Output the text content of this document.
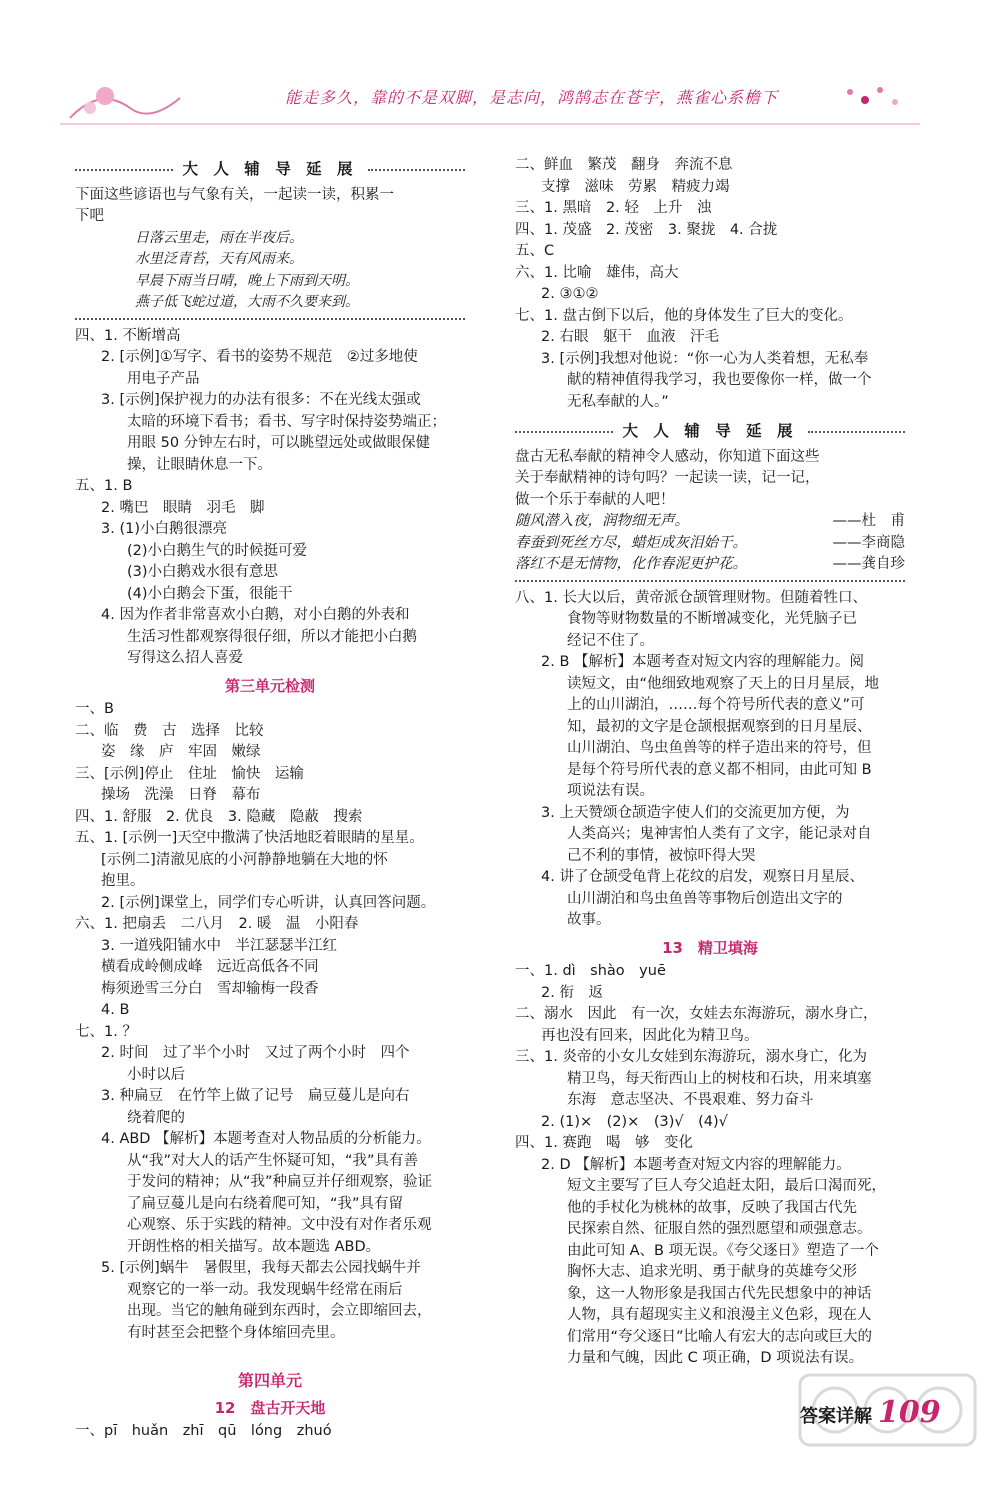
能走多久，靠的不是双脚，是志向，鸿鹄志在苍宇，燕雀心系檐下
大 人 辅 导 延 展
下面这些谚语也与气象有关，一起读一读，积累一
下吧
日落云里走，雨在半夜后。
水里泛青苔，天有风雨来。
早晨下雨当日晴，晚上下雨到天明。
燕子低飞蛇过道，大雨不久要来到。
四、1. 不断增高
2. [示例]①写字、看书的姿势不规范　②过多地使
用电子产品
3. [示例]保护视力的办法有很多：不在光线太强或
太暗的环境下看书；看书、写字时保持姿势端正；
用眼 50 分钟左右时，可以眺望远处或做眼保健
操，让眼睛休息一下。
五、1. B
2. 嘴巴　眼睛　羽毛　脚
3. (1)小白鹅很漂亮
(2)小白鹅生气的时候挺可爱
(3)小白鹅戏水很有意思
(4)小白鹅会下蛋，很能干
4. 因为作者非常喜欢小白鹅，对小白鹅的外表和
生活习性都观察得很仔细，所以才能把小白鹅
写得这么招人喜爱
第三单元检测
一、B
二、临　费　古　选择　比较
姿　缘　庐　牢固　嫩绿
三、[示例]停止　住址　愉快　运输
操场　洗澡　日脊　幕布
四、1. 舒服　2. 优良　3. 隐藏　隐蔽　搜索
五、1. [示例一]天空中撒满了快活地眨着眼睛的星星。
[示例二]清澈见底的小河静静地躺在大地的怀
抱里。
2. [示例]课堂上，同学们专心听讲，认真回答问题。
六、1. 把扇丢　二八月　2. 暖　温　小阳春
3. 一道残阳铺水中　半江瑟瑟半江红
横看成岭侧成峰　远近高低各不同
梅须逊雪三分白　雪却输梅一段香
4. B
七、1. ？
2. 时间　过了半个小时　又过了两个小时　四个
小时以后
3. 种扁豆　在竹竿上做了记号　扁豆蔓儿是向右
绕着爬的
4. ABD 【解析】本题考查对人物品质的分析能力。
从“我”对大人的话产生怀疑可知，“我”具有善
于发问的精神；从“我”种扁豆并仔细观察，验证
了扁豆蔓儿是向右绕着爬可知，“我”具有留
心观察、乐于实践的精神。文中没有对作者乐观
开朗性格的相关描写。故本题选 ABD。
5. [示例]蜗牛　暑假里，我每天都去公园找蜗牛并
观察它的一举一动。我发现蜗牛经常在雨后
出现。当它的触角碰到东西时，会立即缩回去，
有时甚至会把整个身体缩回壳里。
第四单元
12　盘古开天地
一、pī　huǎn　zhī　qū　lóng　zhuó
二、鲜血　繁茂　翻身　奔流不息
支撑　滋味　劳累　精疲力竭
三、1. 黑暗　2. 轻　上升　浊
四、1. 茂盛　2. 茂密　3. 聚拢　4. 合拢
五、C
六、1. 比喻　雄伟，高大
2. ③①②
七、1. 盘古倒下以后，他的身体发生了巨大的变化。
2. 右眼　躯干　血液　汗毛
3. [示例]我想对他说：“你一心为人类着想，无私奉
献的精神值得我学习，我也要像你一样，做一个
无私奉献的人。”
大 人 辅 导 延 展
盘古无私奉献的精神令人感动，你知道下面这些
关于奉献精神的诗句吗？一起读一读，记一记，
做一个乐于奉献的人吧！
随风潜入夜，润物细无声。	——杜　甫
春蚕到死丝方尽，蜡炬成灰泪始干。	——李商隐
落红不是无情物，化作春泥更护花。	——龚自珍
八、1. 长大以后，黄帝派仓颉管理财物。但随着牲口、
食物等财物数量的不断增减变化，光凭脑子已
经记不住了。
2. B 【解析】本题考查对短文内容的理解能力。阅
读短文，由“他细致地观察了天上的日月星辰，地
上的山川湖泊，……每个符号所代表的意义”可
知，最初的文字是仓颉根据观察到的日月星辰、
山川湖泊、鸟虫鱼兽等的样子造出来的符号，但
是每个符号所代表的意义都不相同，由此可知 B
项说法有误。
3. 上天赞颂仓颉造字使人们的交流更加方便，为
人类高兴；鬼神害怕人类有了文字，能记录对自
己不利的事情，被惊吓得大哭
4. 讲了仓颉受龟背上花纹的启发，观察日月星辰、
山川湖泊和鸟虫鱼兽等事物后创造出文字的
故事。
13　精卫填海
一、1. dì　shào　yuē
2. 衔　返
二、溺水　因此　有一次，女娃去东海游玩，溺水身亡，
再也没有回来，因此化为精卫鸟。
三、1. 炎帝的小女儿女娃到东海游玩，溺水身亡，化为
精卫鸟，每天衔西山上的树枝和石块，用来填塞
东海　意志坚决、不畏艰难、努力奋斗
2. (1)×　(2)×　(3)√　(4)√
四、1. 赛跑　喝　够　变化
2. D 【解析】本题考查对短文内容的理解能力。
短文主要写了巨人夸父追赶太阳，最后口渴而死，
他的手杖化为桃林的故事，反映了我国古代先
民探索自然、征服自然的强烈愿望和顽强意志。
由此可知 A、B 项无误。《夸父逐日》塑造了一个
胸怀大志、追求光明、勇于献身的英雄夸父形
象，这一人物形象是我国古代先民想象中的神话
人物，具有超现实主义和浪漫主义色彩，现在人
们常用“夸父逐日”比喻人有宏大的志向或巨大的
力量和气魄，因此 C 项正确，D 项说法有误。
答案详解 109
